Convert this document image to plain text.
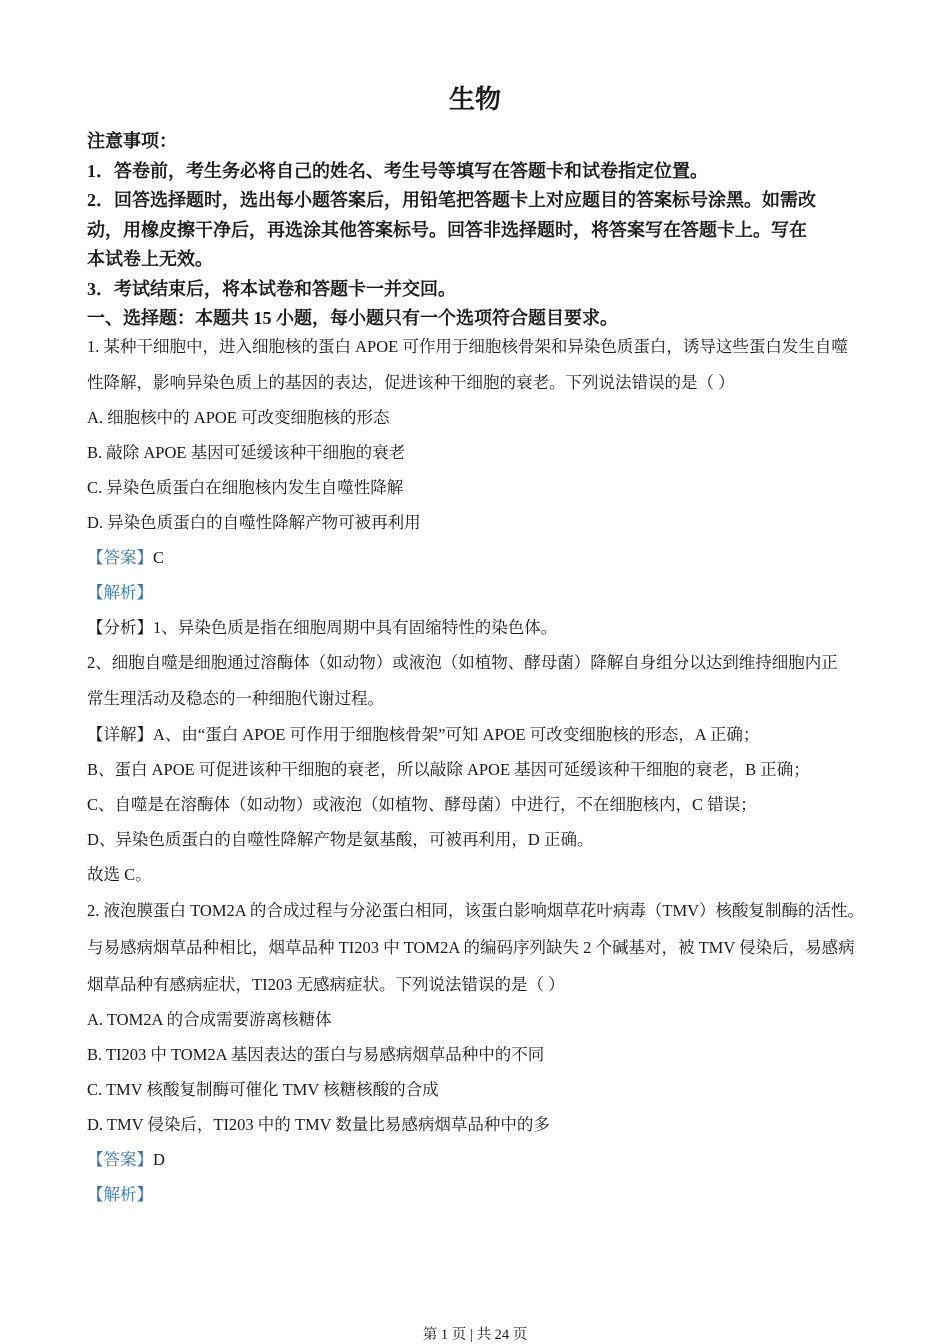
生物
注意事项：
1．答卷前，考生务必将自己的姓名、考生号等填写在答题卡和试卷指定位置。
2．回答选择题时，选出每小题答案后，用铅笔把答题卡上对应题目的答案标号涂黑。如需改
动，用橡皮擦干净后，再选涂其他答案标号。回答非选择题时，将答案写在答题卡上。写在
本试卷上无效。
3．考试结束后，将本试卷和答题卡一并交回。
一、选择题：本题共 15 小题，每小题只有一个选项符合题目要求。
1. 某种干细胞中，进入细胞核的蛋白 APOE 可作用于细胞核骨架和异染色质蛋白，诱导这些蛋白发生自噬
性降解，影响异染色质上的基因的表达，促进该种干细胞的衰老。下列说法错误的是（ ）
A. 细胞核中的 APOE 可改变细胞核的形态
B. 敲除 APOE 基因可延缓该种干细胞的衰老
C. 异染色质蛋白在细胞核内发生自噬性降解
D. 异染色质蛋白的自噬性降解产物可被再利用
【答案】C
【解析】
【分析】1、异染色质是指在细胞周期中具有固缩特性的染色体。
2、细胞自噬是细胞通过溶酶体（如动物）或液泡（如植物、酵母菌）降解自身组分以达到维持细胞内正
常生理活动及稳态的一种细胞代谢过程。
【详解】A、由“蛋白 APOE 可作用于细胞核骨架”可知 APOE 可改变细胞核的形态，A 正确；
B、蛋白 APOE 可促进该种干细胞的衰老，所以敲除 APOE 基因可延缓该种干细胞的衰老，B 正确；
C、自噬是在溶酶体（如动物）或液泡（如植物、酵母菌）中进行，不在细胞核内，C 错误；
D、异染色质蛋白的自噬性降解产物是氨基酸，可被再利用，D 正确。
故选 C。
2. 液泡膜蛋白 TOM2A 的合成过程与分泌蛋白相同，该蛋白影响烟草花叶病毒（TMV）核酸复制酶的活性。
与易感病烟草品种相比，烟草品种 TI203 中 TOM2A 的编码序列缺失 2 个碱基对，被 TMV 侵染后，易感病
烟草品种有感病症状，TI203 无感病症状。下列说法错误的是（ ）
A. TOM2A 的合成需要游离核糖体
B. TI203 中 TOM2A 基因表达的蛋白与易感病烟草品种中的不同
C. TMV 核酸复制酶可催化 TMV 核糖核酸的合成
D. TMV 侵染后，TI203 中的 TMV 数量比易感病烟草品种中的多
【答案】D
【解析】
第 1 页 | 共 24 页
